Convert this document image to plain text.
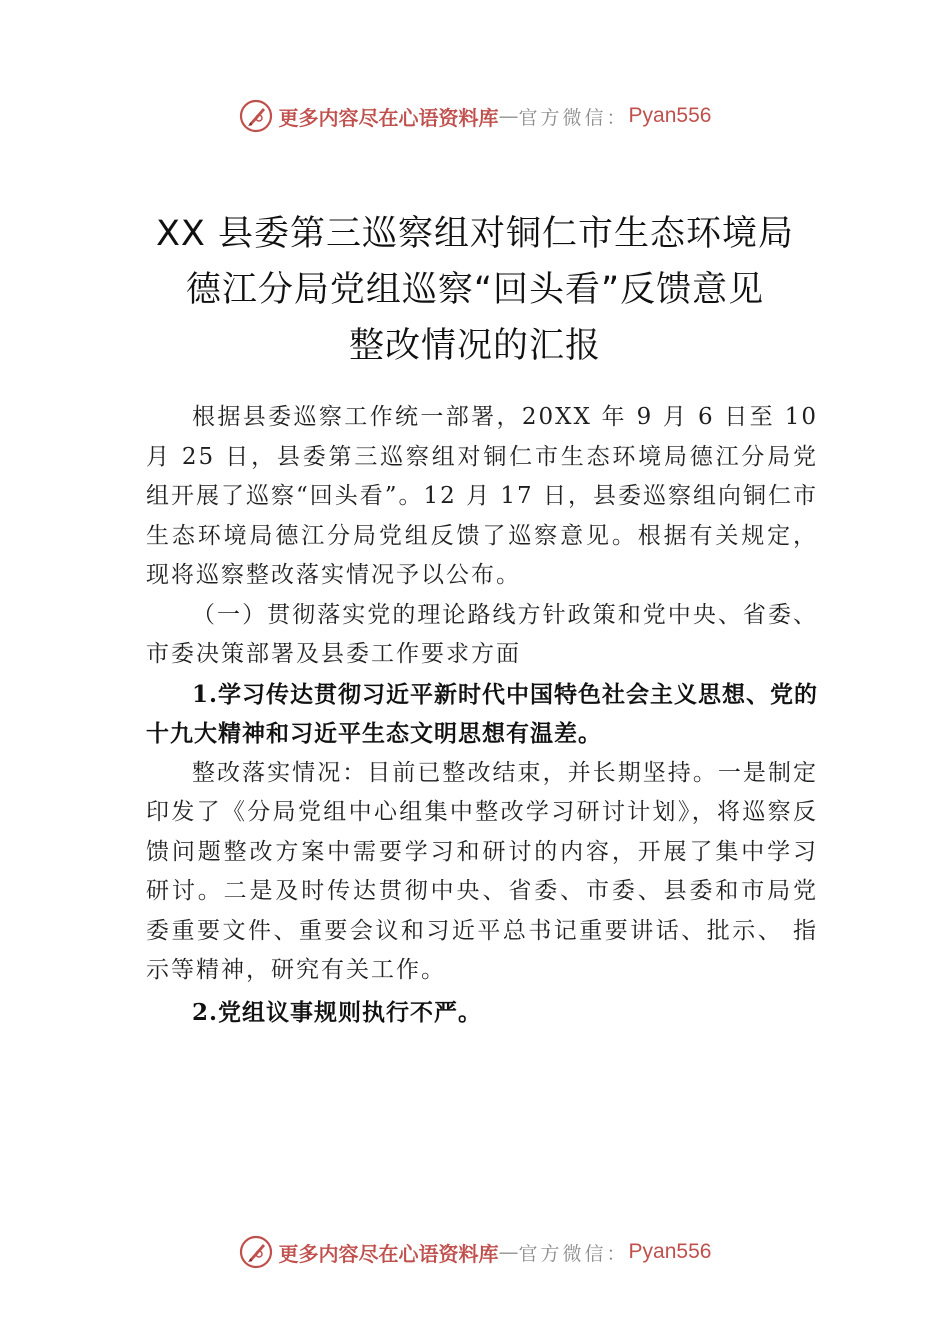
更多内容尽在心语资料库 — 官方微信： Pyan556
XX 县委第三巡察组对铜仁市生态环境局
德江分局党组巡察“回头看”反馈意见
整改情况的汇报

根据县委巡察工作统一部署，20XX 年 9 月 6 日至 10 月 25 日，县委第三巡察组对铜仁市生态环境局德江分局党组开展了巡察“回头看”。12 月 17 日，县委巡察组向铜仁市生态环境局德江分局党组反馈了巡察意见。根据有关规定，现将巡察整改落实情况予以公布。

（一）贯彻落实党的理论路线方针政策和党中央、省委、市委决策部署及县委工作要求方面

1.学习传达贯彻习近平新时代中国特色社会主义思想、党的十九大精神和习近平生态文明思想有温差。

整改落实情况：目前已整改结束，并长期坚持。一是制定印发了《分局党组中心组集中整改学习研讨计划》，将巡察反馈问题整改方案中需要学习和研讨的内容，开展了集中学习研讨。二是及时传达贯彻中央、省委、市委、县委和市局党委重要文件、重要会议和习近平总书记重要讲话、批示、 指示等精神，研究有关工作。

2.党组议事规则执行不严。

更多内容尽在心语资料库 — 官方微信： Pyan556
